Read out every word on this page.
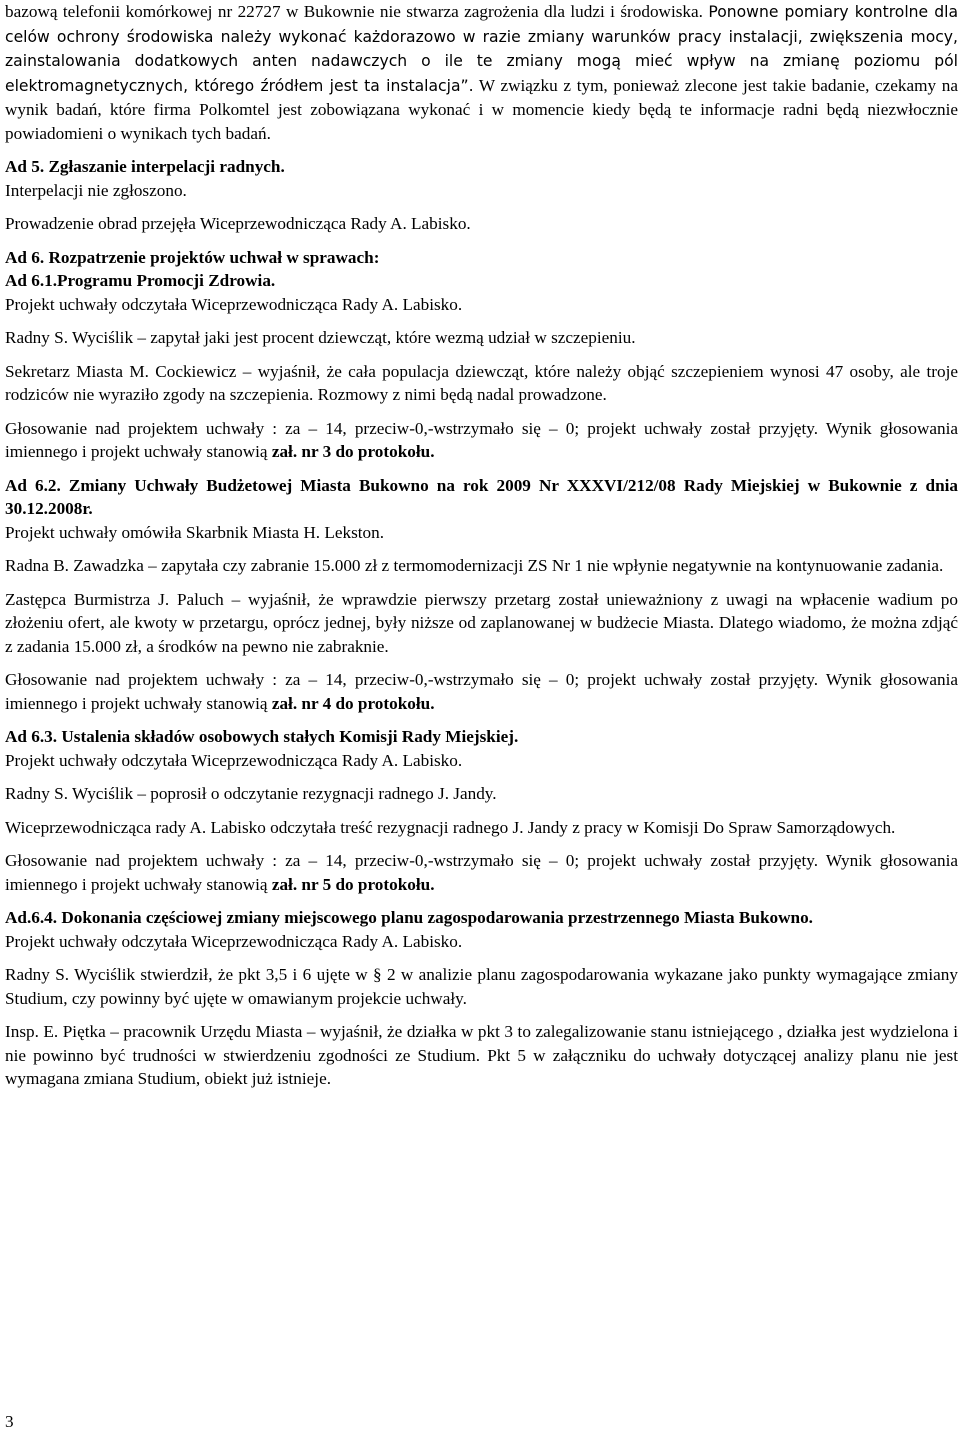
bazową telefonii komórkowej nr 22727 w Bukownie nie stwarza zagrożenia dla ludzi i środowiska. Ponowne pomiary kontrolne dla celów ochrony środowiska należy wykonać każdorazowo w razie zmiany warunków pracy instalacji, zwiększenia mocy, zainstalowania dodatkowych anten nadawczych o ile te zmiany mogą mieć wpływ na zmianę poziomu pól elektromagnetycznych, którego źródłem jest ta instalacja”. W związku z tym, ponieważ zlecone jest takie badanie, czekamy na wynik badań, które firma Polkomtel jest zobowiązana wykonać i w momencie kiedy będą te informacje radni będą niezwłocznie powiadomieni o wynikach tych badań.

Ad 5. Zgłaszanie interpelacji radnych.

Interpelacji nie zgłoszono.

Prowadzenie obrad przejęła Wiceprzewodnicząca Rady A. Labisko.

Ad 6. Rozpatrzenie projektów uchwał w sprawach:

Ad 6.1.Programu Promocji Zdrowia.

Projekt uchwały odczytała Wiceprzewodnicząca Rady A. Labisko.

Radny S. Wyciślik – zapytał jaki jest procent dziewcząt, które wezmą udział w szczepieniu.

Sekretarz Miasta M. Cockiewicz – wyjaśnił, że cała populacja dziewcząt, które należy objąć szczepieniem wynosi 47 osoby, ale troje rodziców nie wyraziło zgody na szczepienia. Rozmowy z nimi będą nadal prowadzone.

Głosowanie nad projektem uchwały : za – 14, przeciw-0,-wstrzymało się – 0; projekt uchwały został przyjęty. Wynik głosowania imiennego i projekt uchwały stanowią zał. nr 3 do protokołu.

Ad 6.2. Zmiany Uchwały Budżetowej Miasta Bukowno na rok 2009 Nr XXXVI/212/08 Rady Miejskiej w Bukownie z dnia 30.12.2008r.

Projekt uchwały omówiła Skarbnik Miasta H. Lekston.

Radna B. Zawadzka – zapytała czy zabranie 15.000 zł z termomodernizacji ZS Nr 1 nie wpłynie negatywnie na kontynuowanie zadania.

Zastępca Burmistrza J. Paluch – wyjaśnił, że wprawdzie pierwszy przetarg został unieważniony z uwagi na wpłacenie wadium po złożeniu ofert, ale kwoty w przetargu, oprócz jednej, były niższe od zaplanowanej w budżecie Miasta. Dlatego wiadomo, że można zdjąć z zadania 15.000 zł, a środków na pewno nie zabraknie.

Głosowanie nad projektem uchwały : za – 14, przeciw-0,-wstrzymało się – 0; projekt uchwały został przyjęty. Wynik głosowania imiennego i projekt uchwały stanowią zał. nr 4 do protokołu.

Ad 6.3. Ustalenia składów osobowych stałych Komisji Rady Miejskiej.

Projekt uchwały odczytała Wiceprzewodnicząca Rady A. Labisko.

Radny S. Wyciślik – poprosił o odczytanie rezygnacji radnego J. Jandy.

Wiceprzewodnicząca rady A. Labisko odczytała treść rezygnacji radnego J. Jandy z pracy w Komisji Do Spraw Samorządowych.

Głosowanie nad projektem uchwały : za – 14, przeciw-0,-wstrzymało się – 0; projekt uchwały został przyjęty. Wynik głosowania imiennego i projekt uchwały stanowią zał. nr 5 do protokołu.

Ad.6.4. Dokonania częściowej zmiany miejscowego planu zagospodarowania przestrzennego Miasta Bukowno.

Projekt uchwały odczytała Wiceprzewodnicząca Rady A. Labisko.

Radny S. Wyciślik stwierdził, że pkt 3,5 i 6 ujęte w § 2 w analizie planu zagospodarowania wykazane jako punkty wymagające zmiany Studium, czy powinny być ujęte w omawianym projekcie uchwały.

Insp. E. Piętka – pracownik Urzędu Miasta – wyjaśnił, że działka w pkt 3 to zalegalizowanie stanu istniejącego , działka jest wydzielona i nie powinno być trudności w stwierdzeniu zgodności ze Studium. Pkt 5 w załączniku do uchwały dotyczącej analizy planu nie jest wymagana zmiana Studium, obiekt już istnieje.

3
